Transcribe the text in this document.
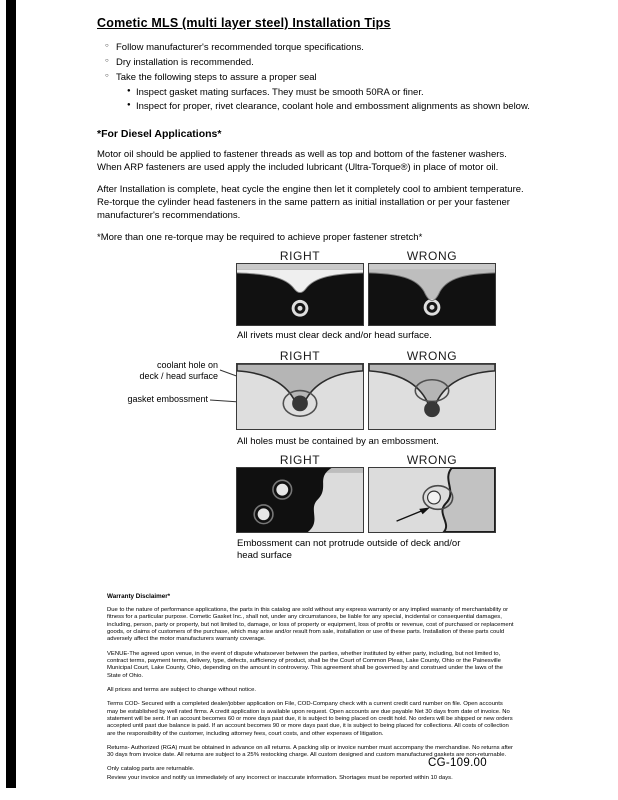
Cometic MLS (multi layer steel) Installation Tips
○ Follow manufacturer's recommended torque specifications.
○ Dry installation is recommended.
○ Take the following steps to assure a proper seal
● Inspect gasket mating surfaces. They must be smooth 50RA or finer.
● Inspect for proper, rivet clearance, coolant hole and embossment alignments as shown below.
*For Diesel Applications*

Motor oil should be applied to fastener threads as well as top and bottom of the fastener washers. When ARP fasteners are used apply the included lubricant (Ultra-Torque®) in place of motor oil.

After Installation is complete, heat cycle the engine then let it completely cool to ambient temperature. Re-torque the cylinder head fasteners in the same pattern as initial installation or per your fastener manufacturer's recommendations.

*More than one re-torque may be required to achieve proper fastener stretch*

RIGHT	WRONG
All rivets must clear deck and/or head surface.
RIGHT	WRONG
coolant hole on
deck / head surface
gasket embossment
All holes must be contained by an embossment.
RIGHT	WRONG
Embossment can not protrude outside of deck and/or head surface
Warranty Disclaimer*

Due to the nature of performance applications, the parts in this catalog are sold without any express warranty or any implied warranty of merchantability or fitness for a particular purpose. Cometic Gasket Inc., shall not, under any circumstances, be liable for any special, incidental or consequential damages, including, person, party or property, but not limited to, damage, or loss of property or equipment, loss of profits or revenue, cost of purchased or replacement goods, or claims of customers of the purchase, which may arise and/or result from sale, installation or use of these parts. Installation of these parts could adversely affect the motor manufacturers warranty coverage.

VENUE-The agreed upon venue, in the event of dispute whatsoever between the parties, whether instituted by either party, including, but not limited to, contract terms, payment terms, delivery, type, defects, sufficiency of product, shall be the Court of Common Pleas, Lake County, Ohio or the Painesville Municipal Court, Lake County, Ohio, depending on the amount in controversy. This agreement shall be governed by and construed under the laws of the State of Ohio.

All prices and terms are subject to change without notice.

Terms COD- Secured with a completed dealer/jobber application on File, COD-Company check with a current credit card number on file. Open accounts may be established by well rated firms. A credit application is available upon request. Open accounts are due payable Net 30 days from date of invoice. No statement will be sent. If an account becomes 60 or more days past due, it is subject to being placed on credit hold. No orders will be shipped or new orders accepted until past due balance is paid. If an account becomes 90 or more days past due, it is subject to being placed for collections. All costs of collection are the responsibility of the customer, including attorney fees, court costs, and other expenses of litigation.

Returns- Authorized (RGA) must be obtained in advance on all returns. A packing slip or invoice number must accompany the merchandise. No returns after 30 days from invoice date. All returns are subject to a 25% restocking charge. All custom designed and custom manufactured gaskets are non-returnable.

Only catalog parts are returnable.

Review your invoice and notify us immediately of any incorrect or inaccurate information. Shortages must be reported within 10 days.

CG-109.00
